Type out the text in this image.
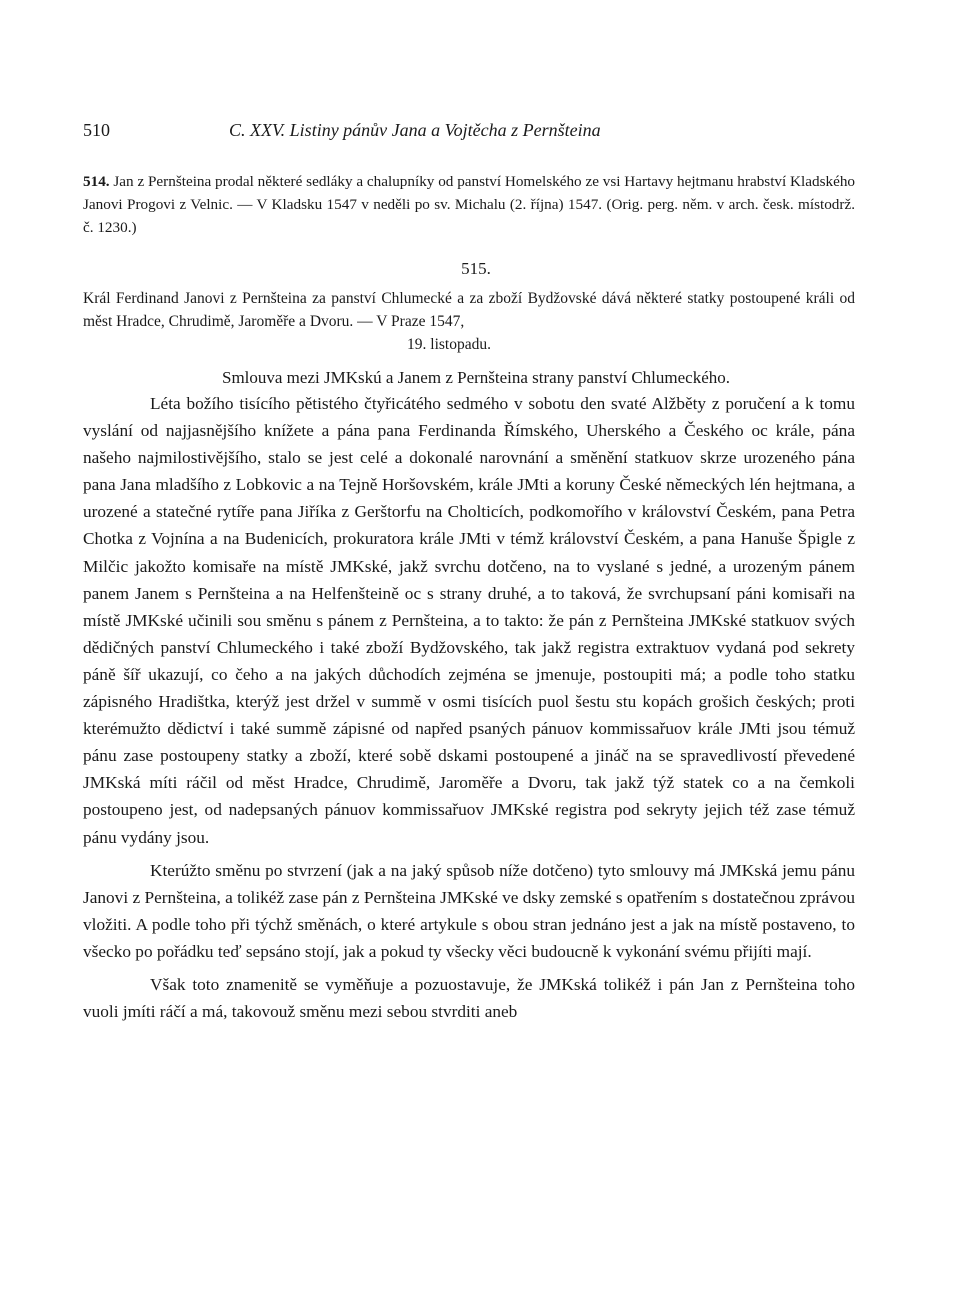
510	C. XXV. Listiny pánův Jana a Vojtěcha z Pernšteina
514. Jan z Pernšteina prodal některé sedláky a chalupníky od panství Homelského ze vsi Hartavy hejtmanu hrabství Kladského Janovi Progovi z Velnic. — V Kladsku 1547 v neděli po sv. Michalu (2. října) 1547. (Orig. perg. něm. v arch. česk. místodrž. č. 1230.)
515.
Král Ferdinand Janovi z Pernšteina za panství Chlumecké a za zboží Bydžovské dává některé statky postoupené králi od měst Hradce, Chrudimě, Jaroměře a Dvoru. — V Praze 1547,
19. listopadu.
Smlouva mezi JMKskú a Janem z Pernšteina strany panství Chlumeckého.

Léta božího tisícího pětistého čtyřicátého sedmého v sobotu den svaté Alžběty z poručení a k tomu vyslání od najjasnějšího knížete a pána pana Ferdinanda Římského, Uherského a Českého oc krále, pána našeho najmilostivějšího, stalo se jest celé a dokonalé narovnání a směnění statkuov skrze urozeného pána pana Jana mladšího z Lobkovic a na Tejně Horšovském, krále JMti a koruny České německých lén hejtmana, a urozené a statečné rytíře pana Jiříka z Gerštorfu na Cholticích, podkomořího v království Českém, pana Petra Chotka z Vojnína a na Budenicích, prokuratora krále JMti v témž království Českém, a pana Hanuše Špigle z Milčic jakožto komisaře na místě JMKské, jakž svrchu dotčeno, na to vyslané s jedné, a urozeným pánem panem Janem s Pernšteina a na Helfenšteině oc s strany druhé, a to taková, že svrchupsaní páni komisaři na místě JMKské učinili sou směnu s pánem z Pernšteina, a to takto: že pán z Pernšteina JMKské statkuov svých dědičných panství Chlumeckého i také zboží Bydžovského, tak jakž registra extraktuov vydaná pod sekrety páně šíř ukazují, co čeho a na jakých důchodích zejména se jmenuje, postoupiti má; a podle toho statku zápisného Hradištka, kterýž jest držel v summě v osmi tisících puol šestu stu kopách grošich českých; proti kterémužto dědictví i také summě zápisné od napřed psaných pánuov kommissařuov krále JMti jsou témuž pánu zase postoupeny statky a zboží, které sobě dskami postoupené a jináč na se spravedlivostí převedené JMKská míti ráčil od měst Hradce, Chrudimě, Jaroměře a Dvoru, tak jakž týž statek co a na čemkoli postoupeno jest, od nadepsaných pánuov kommissařuov JMKské registra pod sekryty jejich též zase témuž pánu vydány jsou.

Kterúžto směnu po stvrzení (jak a na jaký spůsob níže dotčeno) tyto smlouvy má JMKská jemu pánu Janovi z Pernšteina, a tolikéž zase pán z Pernšteina JMKské ve dsky zemské s opatřením s dostatečnou zprávou vložiti. A podle toho při týchž směnách, o které artykule s obou stran jednáno jest a jak na místě postaveno, to všecko po pořádku teď sepsáno stojí, jak a pokud ty všecky věci budoucně k vykonání svému přijíti mají.

Však toto znamenitě se vyměňuje a pozuostavuje, že JMKská tolikéž i pán Jan z Pernšteina toho vuoli jmíti ráčí a má, takovouž směnu mezi sebou stvrditi aneb
